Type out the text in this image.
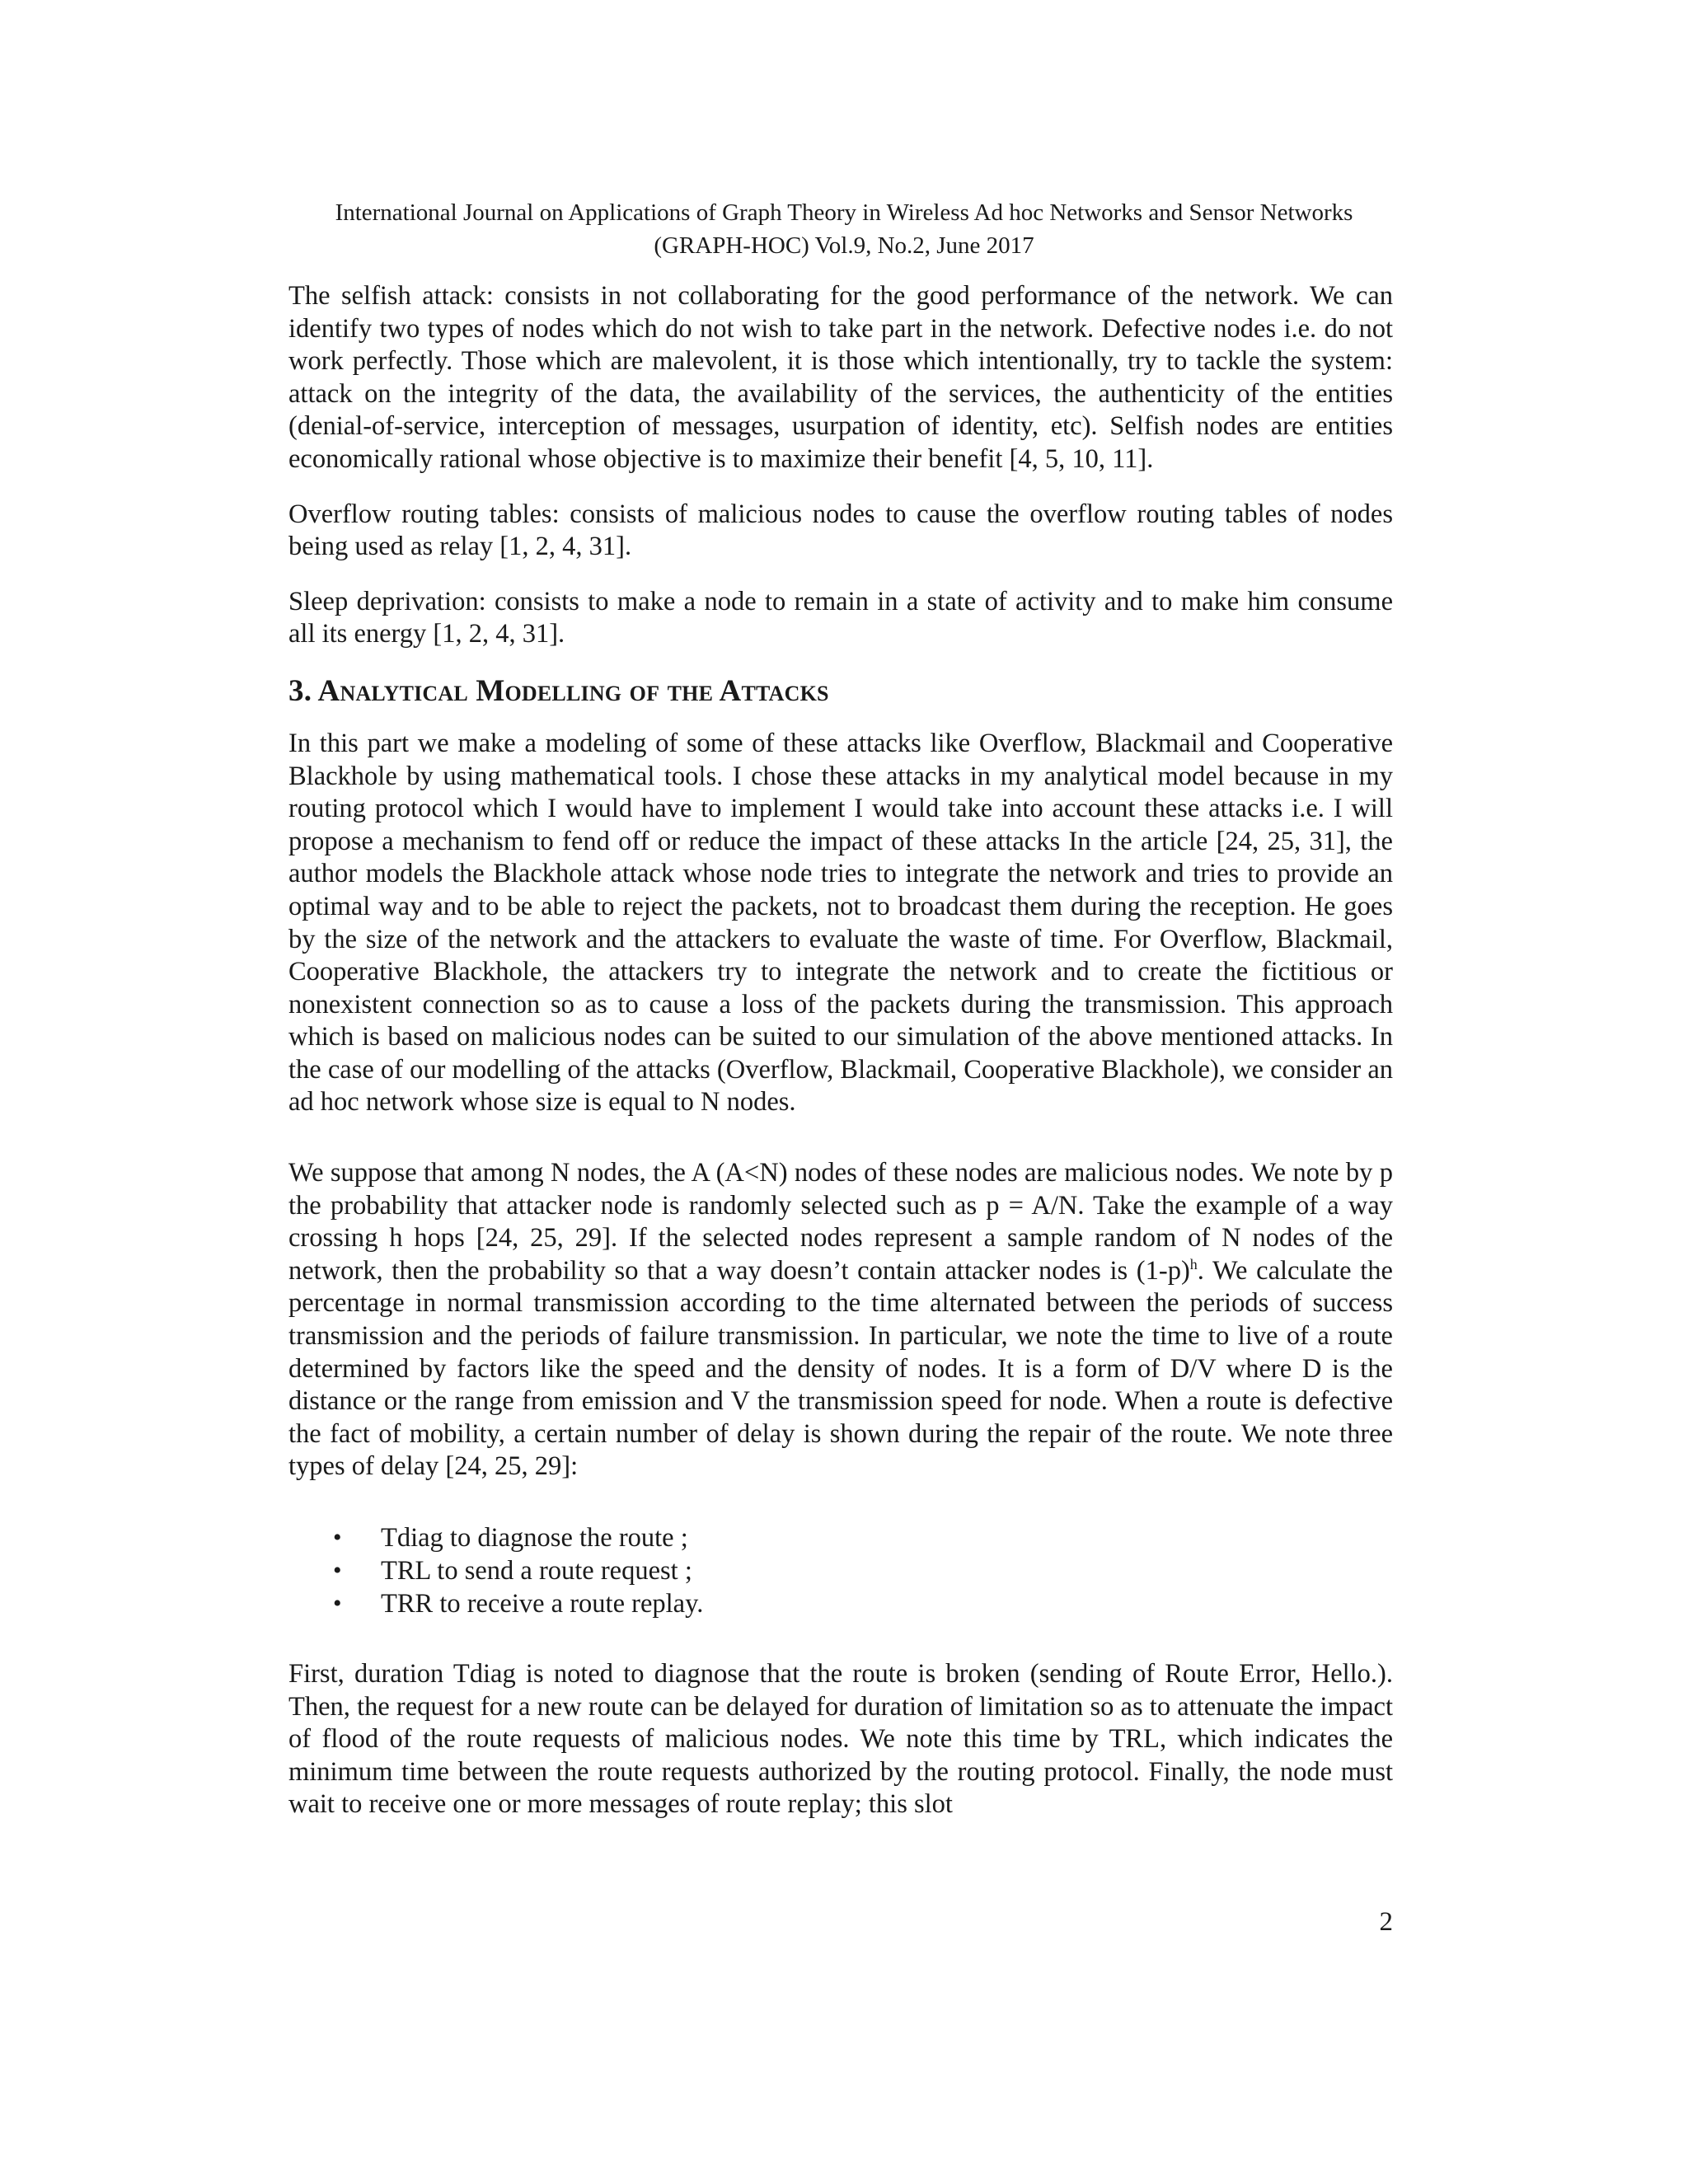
International Journal on Applications of Graph Theory in Wireless Ad hoc Networks and Sensor Networks
(GRAPH-HOC) Vol.9, No.2, June 2017

The selfish attack: consists in not collaborating for the good performance of the network. We can identify two types of nodes which do not wish to take part in the network. Defective nodes i.e. do not work perfectly. Those which are malevolent, it is those which intentionally, try to tackle the system: attack on the integrity of the data, the availability of the services, the authenticity of the entities (denial-of-service, interception of messages, usurpation of identity, etc). Selfish nodes are entities economically rational whose objective is to maximize their benefit [4, 5, 10, 11].

Overflow routing tables: consists of malicious nodes to cause the overflow routing tables of nodes being used as relay [1, 2, 4, 31].

Sleep deprivation: consists to make a node to remain in a state of activity and to make him consume all its energy [1, 2, 4, 31].

3. Analytical Modelling of the Attacks

In this part we make a modeling of some of these attacks like Overflow, Blackmail and Cooperative Blackhole by using mathematical tools. I chose these attacks in my analytical model because in my routing protocol which I would have to implement I would take into account these attacks i.e. I will propose a mechanism to fend off or reduce the impact of these attacks In the article [24, 25, 31], the author models the Blackhole attack whose node tries to integrate the network and tries to provide an optimal way and to be able to reject the packets, not to broadcast them during the reception. He goes by the size of the network and the attackers to evaluate the waste of time. For Overflow, Blackmail, Cooperative Blackhole, the attackers try to integrate the network and to create the fictitious or nonexistent connection so as to cause a loss of the packets during the transmission. This approach which is based on malicious nodes can be suited to our simulation of the above mentioned attacks. In the case of our modelling of the attacks (Overflow, Blackmail, Cooperative Blackhole), we consider an ad hoc network whose size is equal to N nodes.

We suppose that among N nodes, the A (A<N) nodes of these nodes are malicious nodes. We note by p the probability that attacker node is randomly selected such as p = A/N. Take the example of a way crossing h hops [24, 25, 29]. If the selected nodes represent a sample random of N nodes of the network, then the probability so that a way doesn’t contain attacker nodes is $(1-p)^h$. We calculate the percentage in normal transmission according to the time alternated between the periods of success transmission and the periods of failure transmission. In particular, we note the time to live of a route determined by factors like the speed and the density of nodes. It is a form of D/V where D is the distance or the range from emission and V the transmission speed for node. When a route is defective the fact of mobility, a certain number of delay is shown during the repair of the route. We note three types of delay [24, 25, 29]:

• Tdiag to diagnose the route ;
• TRL to send a route request ;
• TRR to receive a route replay.

First, duration Tdiag is noted to diagnose that the route is broken (sending of Route Error, Hello.). Then, the request for a new route can be delayed for duration of limitation so as to attenuate the impact of flood of the route requests of malicious nodes. We note this time by TRL, which indicates the minimum time between the route requests authorized by the routing protocol. Finally, the node must wait to receive one or more messages of route replay; this slot

2
